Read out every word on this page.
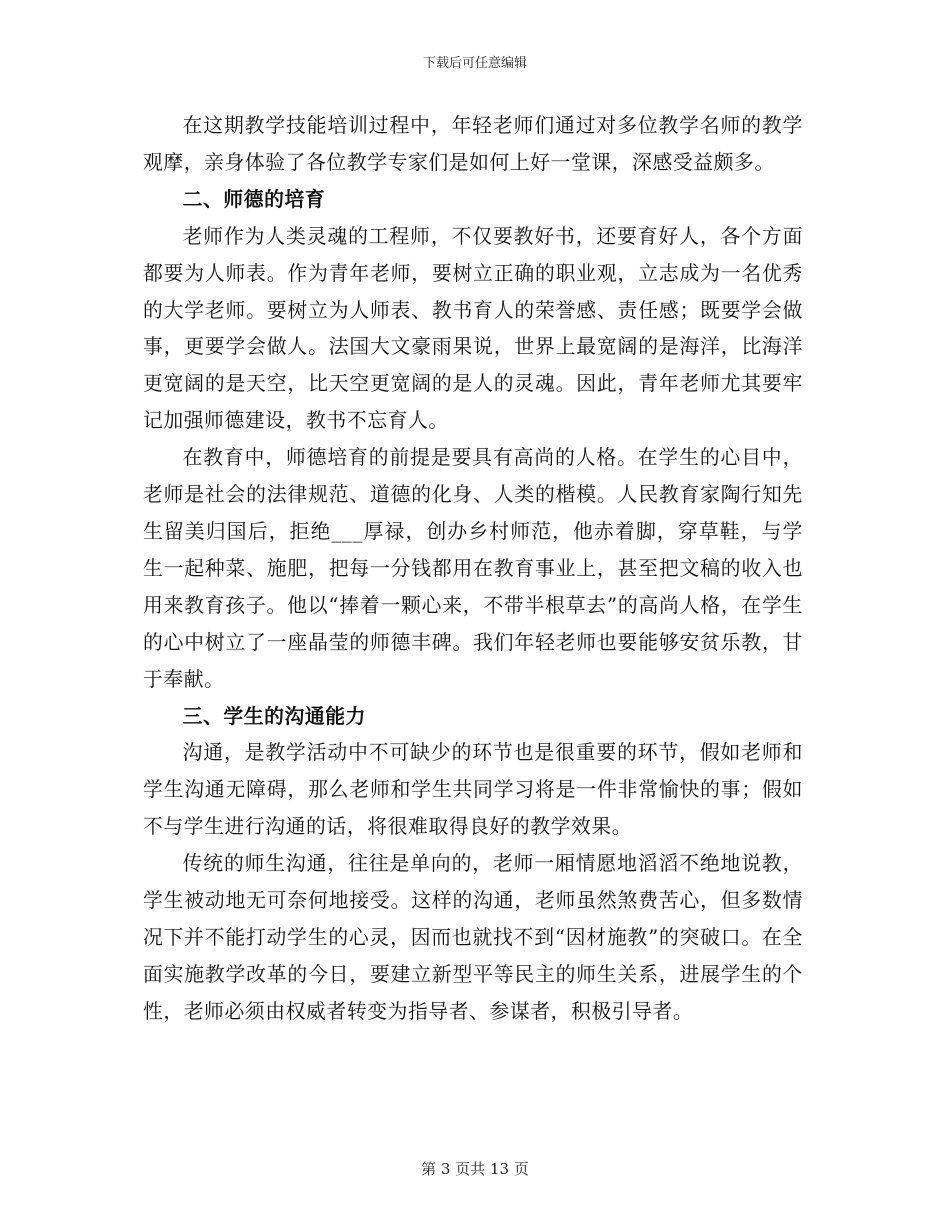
下载后可任意编辑

在这期教学技能培训过程中，年轻老师们通过对多位教学名师的教学观摩，亲身体验了各位教学专家们是如何上好一堂课，深感受益颇多。

二、师德的培育

老师作为人类灵魂的工程师，不仅要教好书，还要育好人，各个方面都要为人师表。作为青年老师，要树立正确的职业观，立志成为一名优秀的大学老师。要树立为人师表、教书育人的荣誉感、责任感；既要学会做事，更要学会做人。法国大文豪雨果说，世界上最宽阔的是海洋，比海洋更宽阔的是天空，比天空更宽阔的是人的灵魂。因此，青年老师尤其要牢记加强师德建设，教书不忘育人。

在教育中，师德培育的前提是要具有高尚的人格。在学生的心目中，老师是社会的法律规范、道德的化身、人类的楷模。人民教育家陶行知先生留美归国后，拒绝___厚禄，创办乡村师范，他赤着脚，穿草鞋，与学生一起种菜、施肥，把每一分钱都用在教育事业上，甚至把文稿的收入也用来教育孩子。他以“捧着一颗心来，不带半根草去”的高尚人格，在学生的心中树立了一座晶莹的师德丰碑。我们年轻老师也要能够安贫乐教，甘于奉献。

三、学生的沟通能力

沟通，是教学活动中不可缺少的环节也是很重要的环节，假如老师和学生沟通无障碍，那么老师和学生共同学习将是一件非常愉快的事；假如不与学生进行沟通的话，将很难取得良好的教学效果。

传统的师生沟通，往往是单向的，老师一厢情愿地滔滔不绝地说教，学生被动地无可奈何地接受。这样的沟通，老师虽然煞费苦心，但多数情况下并不能打动学生的心灵，因而也就找不到“因材施教”的突破口。在全面实施教学改革的今日，要建立新型平等民主的师生关系，进展学生的个性，老师必须由权威者转变为指导者、参谋者，积极引导者。

第 3 页共 13 页
